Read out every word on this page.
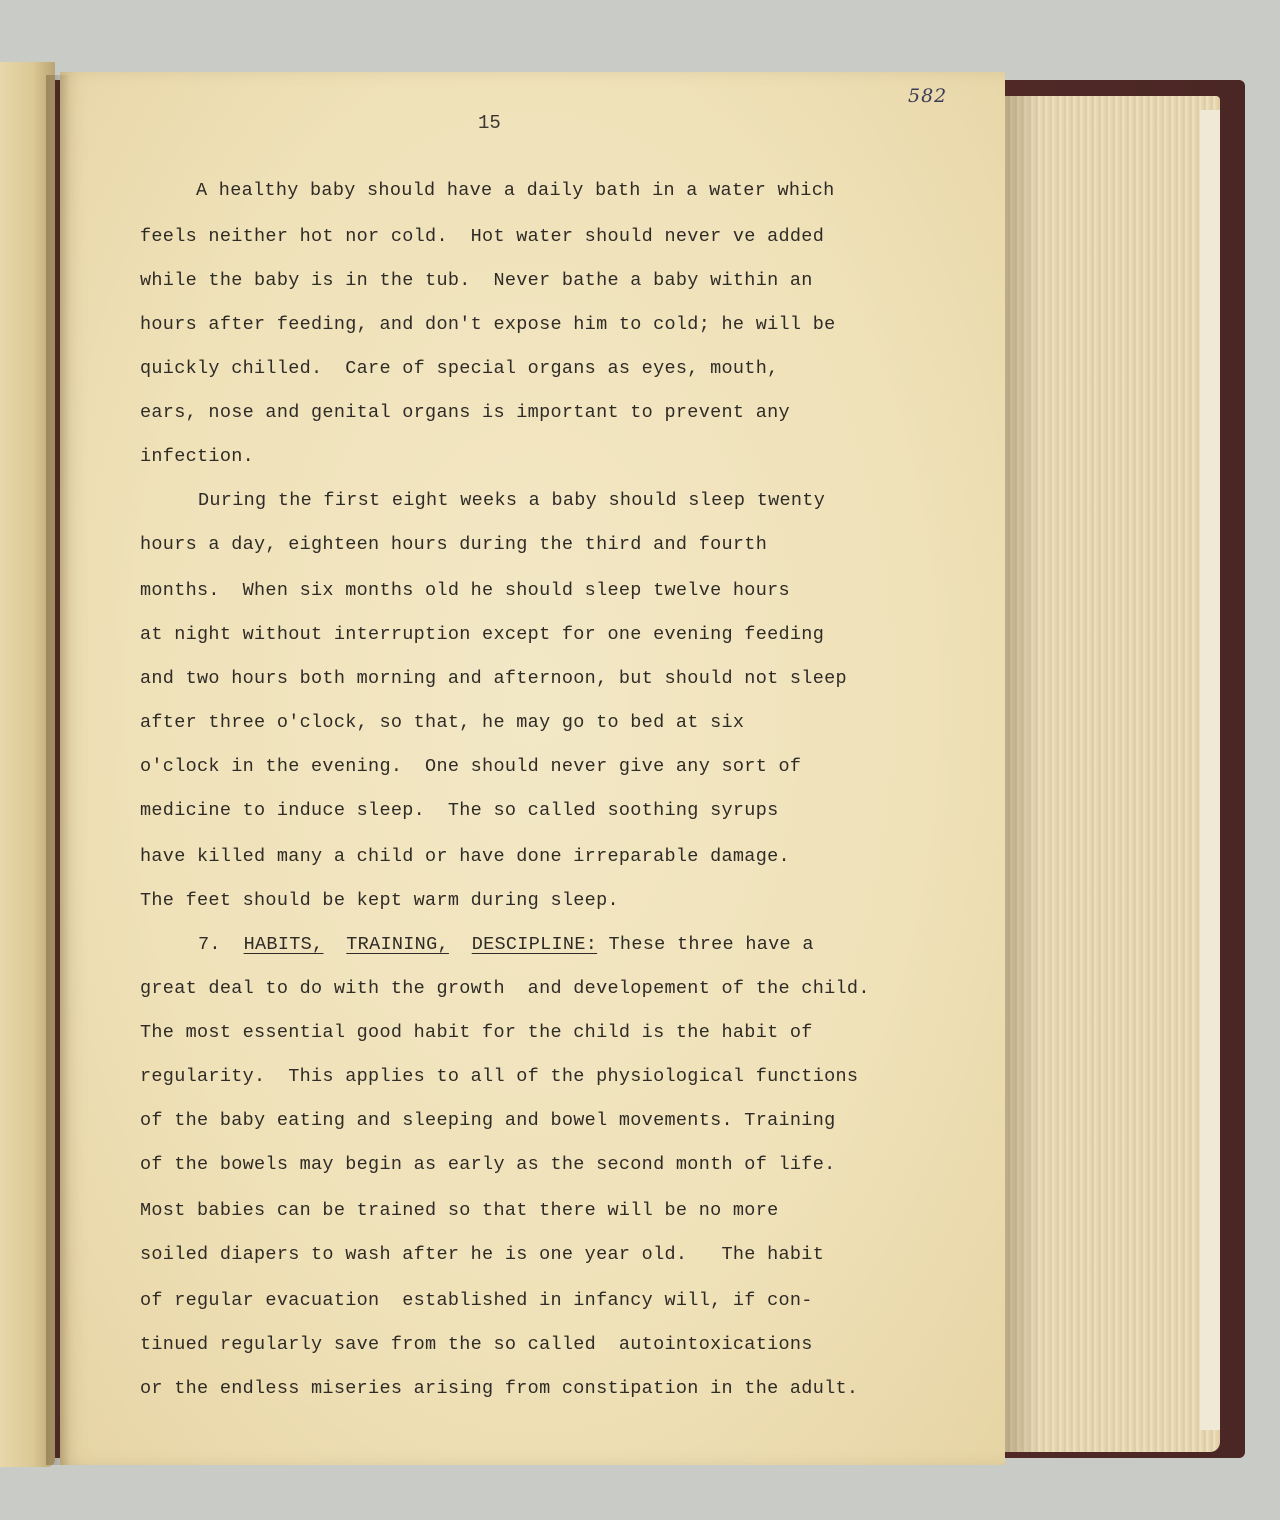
582
15
A healthy baby should have a daily bath in a water which
feels neither hot nor cold.  Hot water should never ve added
while the baby is in the tub.  Never bathe a baby within an
hours after feeding, and don't expose him to cold; he will be
quickly chilled.  Care of special organs as eyes, mouth,
ears, nose and genital organs is important to prevent any
infection.
During the first eight weeks a baby should sleep twenty
hours a day, eighteen hours during the third and fourth
months.  When six months old he should sleep twelve hours
at night without interruption except for one evening feeding
and two hours both morning and afternoon, but should not sleep
after three o'clock, so that, he may go to bed at six
o'clock in the evening.  One should never give any sort of
medicine to induce sleep.  The so called soothing syrups
have killed many a child or have done irreparable damage.
The feet should be kept warm during sleep.
7. HABITS, TRAINING, DESCIPLINE: These three have a
great deal to do with the growth  and developement of the child.
The most essential good habit for the child is the habit of
regularity.  This applies to all of the physiological functions
of the baby eating and sleeping and bowel movements. Training
of the bowels may begin as early as the second month of life.
Most babies can be trained so that there will be no more
soiled diapers to wash after he is one year old.   The habit
of regular evacuation  established in infancy will, if con-
tinued regularly save from the so called  autointoxications
or the endless miseries arising from constipation in the adult.
